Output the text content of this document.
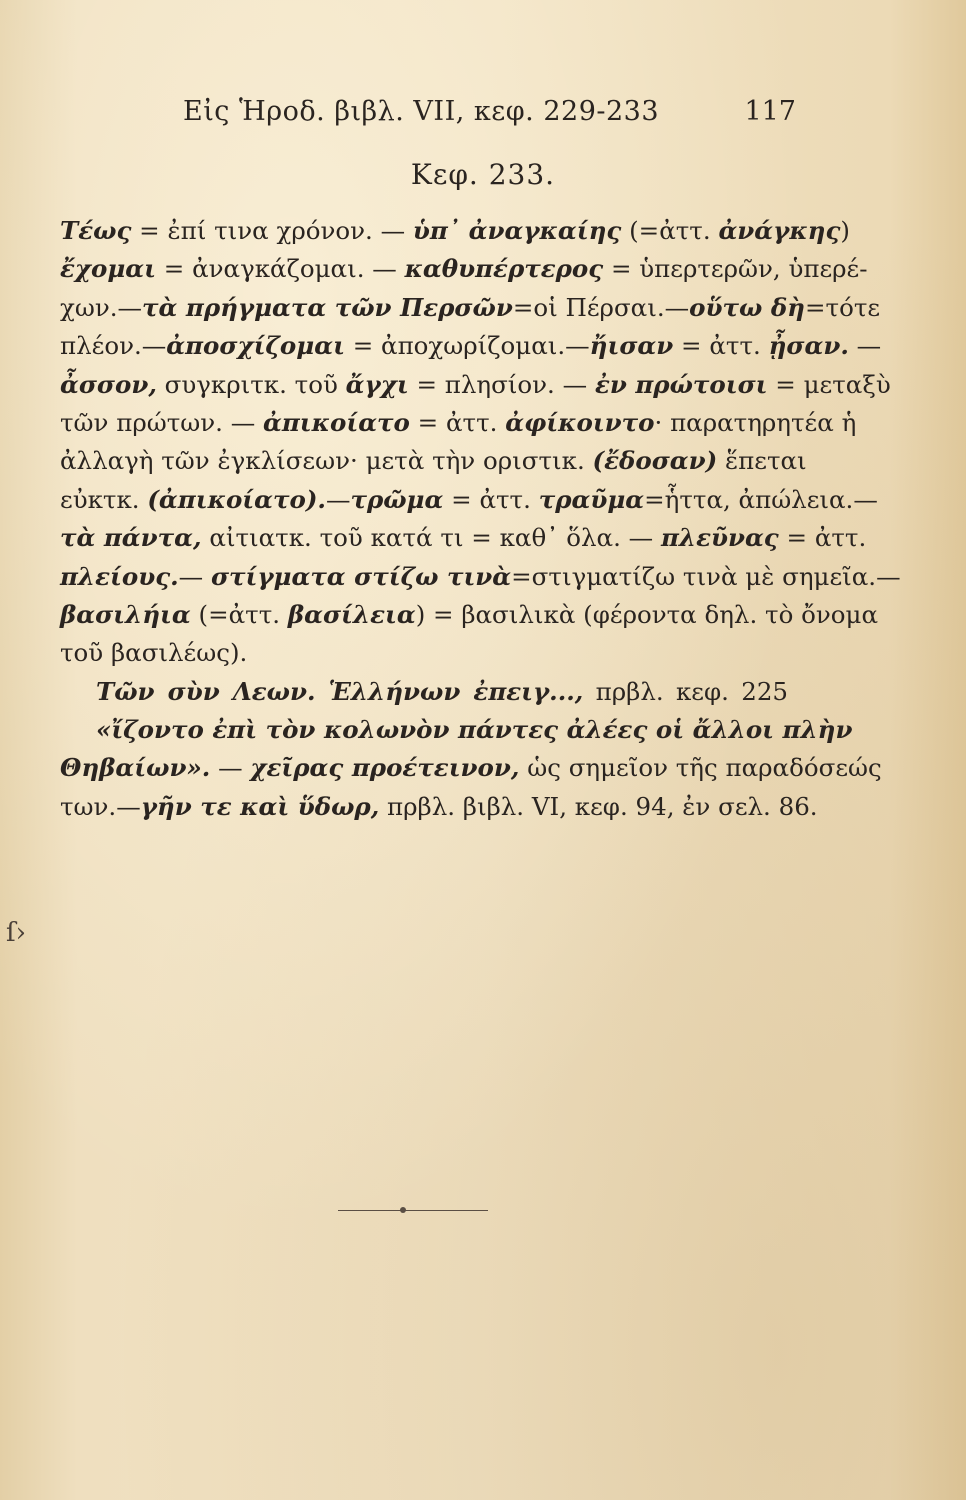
Εἰς Ἡροδ. βιβλ. VII, κεφ. 229-233	117
Κεφ. 233.
Τέως = ἐπί τινα χρόνον. — ὑπ᾽ ἀναγκαίης (=ἀττ. ἀνάγκης)
ἔχομαι = ἀναγκάζομαι. — καθυπέρτερος = ὑπερτερῶν, ὑπερέ-
χων.—τὰ πρήγματα τῶν Περσῶν=οἱ Πέρσαι.—οὕτω δὴ=τότε
πλέον.—ἀποσχίζομαι = ἀποχωρίζομαι.—ἤισαν = ἀττ. ᾖσαν. —
ἆσσον, συγκριτκ. τοῦ ἄγχι = πλησίον. — ἐν πρώτοισι = μεταξὺ
τῶν πρώτων. — ἀπικοίατο = ἀττ. ἀφίκοιντο· παρατηρητέα ἡ
ἀλλαγὴ τῶν ἐγκλίσεων· μετὰ τὴν οριστικ. (ἔδοσαν) ἕπεται
εὐκτκ. (ἀπικοίατο).—τρῶμα = ἀττ. τραῦμα=ἧττα, ἀπώλεια.—
τὰ πάντα, αἰτιατκ. τοῦ κατά τι = καθ᾽ ὅλα. — πλεῦνας = ἀττ.
πλείους.— στίγματα στίζω τινὰ=στιγματίζω τινὰ μὲ σημεῖα.—
βασιλήια (=ἀττ. βασίλεια) = βασιλικὰ (φέροντα δηλ. τὸ ὄνομα
τοῦ βασιλέως).
Τῶν σὺν Λεων. Ἑλλήνων ἐπειγ..., πρβλ. κεφ. 225
«ἴζοντο ἐπὶ τὸν κολωνὸν πάντες ἀλέες οἱ ἄλλοι πλὴν
Θηβαίων». — χεῖρας προέτεινον, ὡς σημεῖον τῆς παραδόσεώς
των.—γῆν τε καὶ ὕδωρ, πρβλ. βιβλ. VI, κεφ. 94, ἐν σελ. 86.
ſ›
